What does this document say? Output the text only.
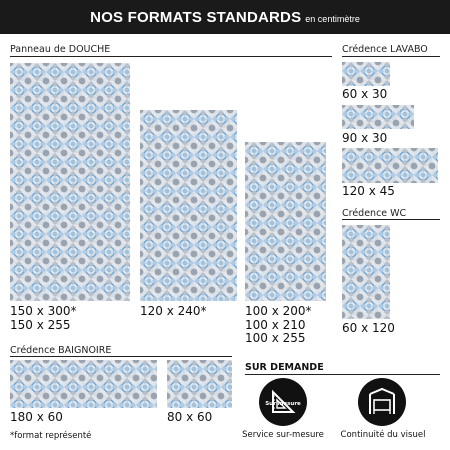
NOS FORMATS STANDARDS en centimètre
Panneau de DOUCHE
150 x 300*
150 x 255
120 x 240*	100 x 200*
100 x 210
100 x 255
Crédence LAVABO
60 x 30
90 x 30
120 x 45
Crédence WC
60 x 120
Crédence BAIGNOIRE
180 x 60	80 x 60
*format représenté
SUR DEMANDE
Sur mesure
Service sur-mesure	Continuité du visuel
